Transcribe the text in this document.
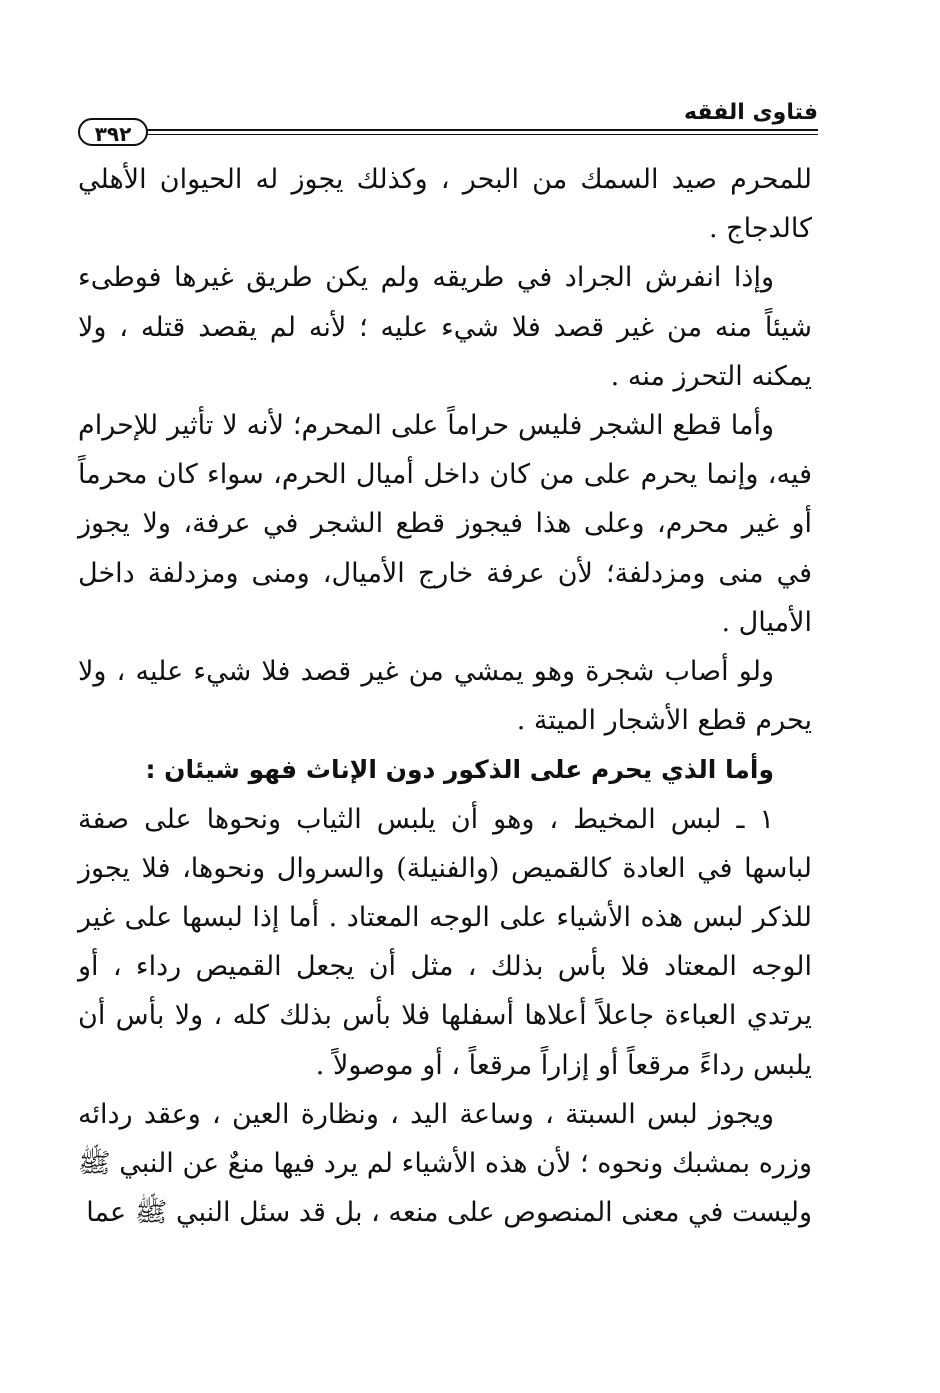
فتاوى الفقه
٣٩٢

للمحرم صيد السمك من البحر ، وكذلك يجوز له الحيوان الأهلي كالدجاج .

وإذا انفرش الجراد في طريقه ولم يكن طريق غيرها فوطىء شيئاً منه من غير قصد فلا شيء عليه ؛ لأنه لم يقصد قتله ، ولا يمكنه التحرز منه .

وأما قطع الشجر فليس حراماً على المحرم؛ لأنه لا تأثير للإحرام فيه، وإنما يحرم على من كان داخل أميال الحرم، سواء كان محرماً أو غير محرم، وعلى هذا فيجوز قطع الشجر في عرفة، ولا يجوز في منى ومزدلفة؛ لأن عرفة خارج الأميال، ومنى ومزدلفة داخل الأميال .

ولو أصاب شجرة وهو يمشي من غير قصد فلا شيء عليه ، ولا يحرم قطع الأشجار الميتة .

وأما الذي يحرم على الذكور دون الإناث فهو شيئان :

١ ـ لبس المخيط ، وهو أن يلبس الثياب ونحوها على صفة لباسها في العادة كالقميص (والفنيلة) والسروال ونحوها، فلا يجوز للذكر لبس هذه الأشياء على الوجه المعتاد . أما إذا لبسها على غير الوجه المعتاد فلا بأس بذلك ، مثل أن يجعل القميص رداء ، أو يرتدي العباءة جاعلاً أعلاها أسفلها فلا بأس بذلك كله ، ولا بأس أن يلبس رداءً مرقعاً أو إزاراً مرقعاً ، أو موصولاً .

ويجوز لبس السبتة ، وساعة اليد ، ونظارة العين ، وعقد ردائه وزره بمشبك ونحوه ؛ لأن هذه الأشياء لم يرد فيها منعٌ عن النبي ﷺ وليست في معنى المنصوص على منعه ، بل قد سئل النبي ﷺ عما
